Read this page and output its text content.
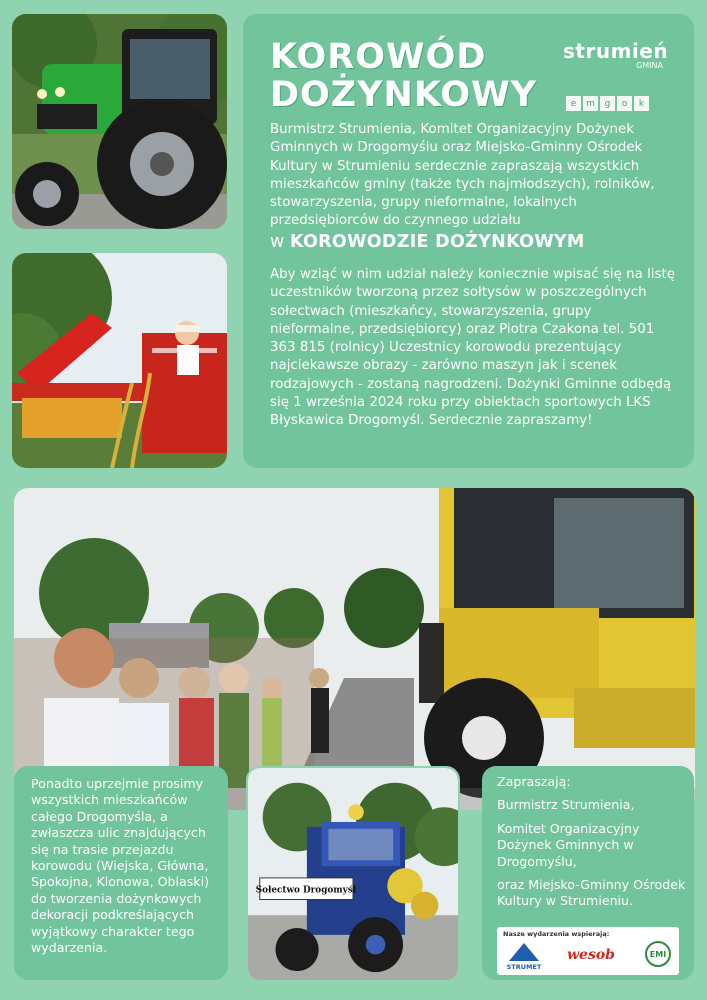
KOROWÓD
DOŻYNKOWY
strumień
GMINA
e	m	g	o	k

Burmistrz Strumienia, Komitet Organizacyjny Dożynek Gminnych w Drogomyślu oraz Miejsko-Gminny Ośrodek Kultury w Strumieniu serdecznie zapraszają wszystkich mieszkańców gminy (także tych najmłodszych), rolników, stowarzyszenia, grupy nieformalne, lokalnych przedsiębiorców do czynnego udziału

w KOROWODZIE DOŻYNKOWYM

Aby wziąć w nim udział należy koniecznie wpisać się na listę uczestników tworzoną przez sołtysów w poszczególnych sołectwach (mieszkańcy, stowarzyszenia, grupy nieformalne, przedsiębiorcy) oraz Piotra Czakona tel. 501 363 815 (rolnicy) Uczestnicy korowodu prezentujący najciekawsze obrazy - zarówno maszyn jak i scenek rodzajowych - zostaną nagrodzeni. Dożynki Gminne odbędą się 1 września 2024 roku przy obiektach sportowych LKS Błyskawica Drogomyśl. Serdecznie zapraszamy!

Ponadto uprzejmie prosimy wszystkich mieszkańców całego Drogomyśla, a zwłaszcza ulic znajdujących się na trasie przejazdu korowodu (Wiejska, Główna, Spokojna, Klonowa, Oblaski) do tworzenia dożynkowych dekoracji podkreślających wyjątkowy charakter tego wydarzenia.

Sołectwo Drogomyśl
Zapraszają:
Burmistrz Strumienia,
Komitet Organizacyjny Dożynek Gminnych w Drogomyślu,
oraz Miejsko-Gminny Ośrodek Kultury w Strumieniu.
Nasze wydarzenia wspierają:
STRUMET
wesob	EMI
